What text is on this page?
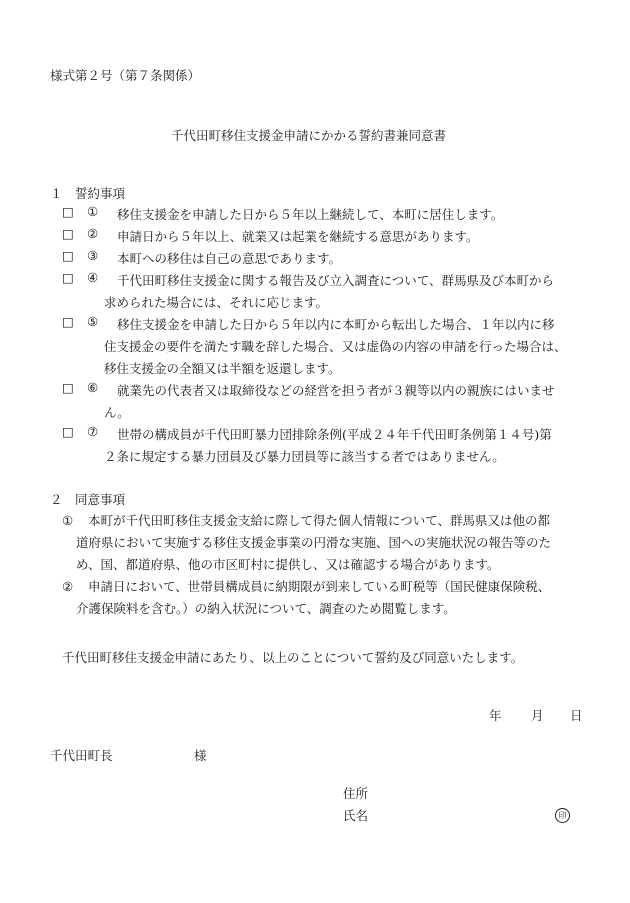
様式第２号（第７条関係）
千代田町移住支援金申請にかかる誓約書兼同意書
１　誓約事項
□ ① 移住支援金を申請した日から５年以上継続して、本町に居住します。
□ ② 申請日から５年以上、就業又は起業を継続する意思があります。
□ ③ 本町への移住は自己の意思であります。
□ ④ 千代田町移住支援金に関する報告及び立入調査について、群馬県及び本町から
求められた場合には、それに応じます。
□ ⑤ 移住支援金を申請した日から５年以内に本町から転出した場合、１年以内に移
住支援金の要件を満たす職を辞した場合、又は虚偽の内容の申請を行った場合は、
移住支援金の全額又は半額を返還します。
□ ⑥ 就業先の代表者又は取締役などの経営を担う者が３親等以内の親族にはいませ
ん。
□ ⑦ 世帯の構成員が千代田町暴力団排除条例(平成２４年千代田町条例第１４号)第
２条に規定する暴力団員及び暴力団員等に該当する者ではありません。
２　同意事項
① 本町が千代田町移住支援金支給に際して得た個人情報について、群馬県又は他の都
道府県において実施する移住支援金事業の円滑な実施、国への実施状況の報告等のた
め、国、都道府県、他の市区町村に提供し、又は確認する場合があります。
② 申請日において、世帯員構成員に納期限が到来している町税等（国民健康保険税、
介護保険料を含む。）の納入状況について、調査のため閲覧します。
千代田町移住支援金申請にあたり、以上のことについて誓約及び同意いたします。
年 月 日
千代田町長	様
住所
氏名	印
